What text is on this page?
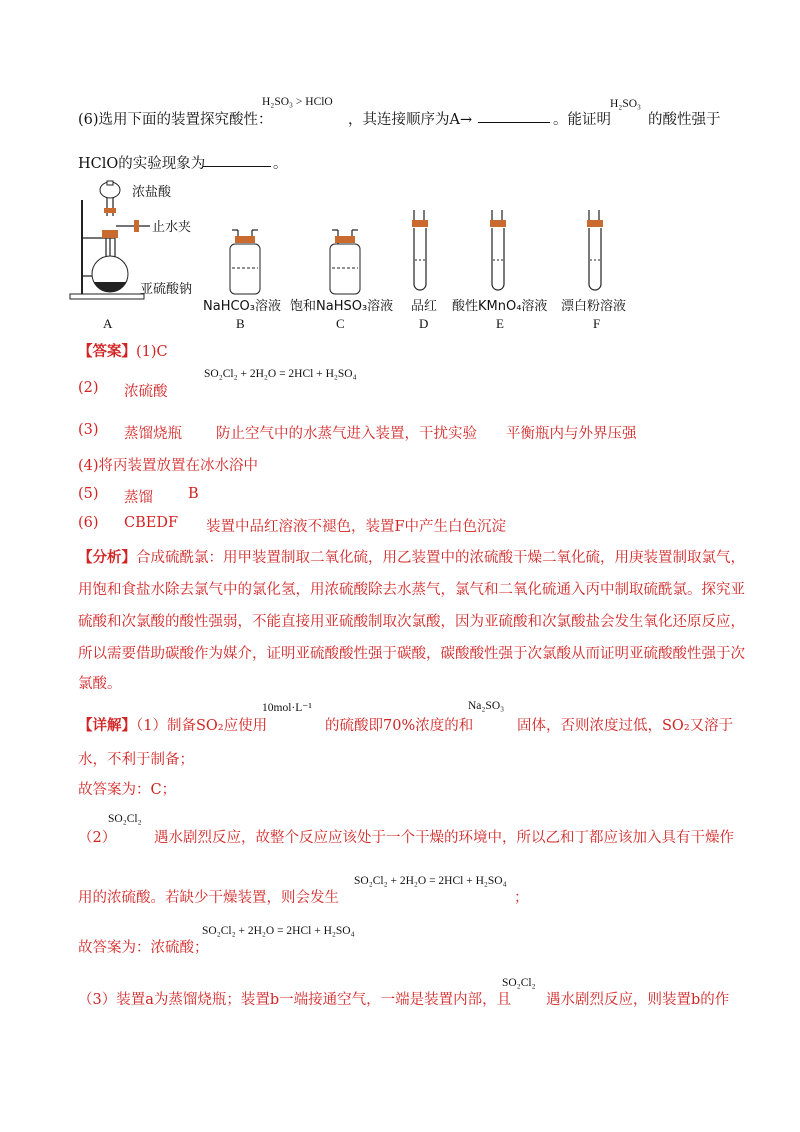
(6)选用下面的装置探究酸性：
H₂SO₃ > HClO
，其连接顺序为A→	。能证明
H₂SO₃
的酸性强于
HClO的实验现象为	。
浓盐酸
止水夹
亚硫酸钠
NaHCO₃溶液 饱和NaHSO₃溶液 品红 酸性KMnO₄溶液 漂白粉溶液
A	B	C	D	E	F
【答案】(1)C
(2) 浓硫酸
SO₂Cl₂ + 2H₂O = 2HCl + H₂SO₄
(3) 蒸馏烧瓶 防止空气中的水蒸气进入装置，干扰实验 平衡瓶内与外界压强
(4)将丙装置放置在冰水浴中
(5) 蒸馏 B
(6) CBEDF 装置中品红溶液不褪色，装置F中产生白色沉淀
【分析】合成硫酰氯：用甲装置制取二氧化硫，用乙装置中的浓硫酸干燥二氧化硫，用庚装置制取氯气，
用饱和食盐水除去氯气中的氯化氢，用浓硫酸除去水蒸气，氯气和二氧化硫通入丙中制取硫酰氯。探究亚
硫酸和次氯酸的酸性强弱，不能直接用亚硫酸制取次氯酸，因为亚硫酸和次氯酸盐会发生氧化还原反应，
所以需要借助碳酸作为媒介，证明亚硫酸酸性强于碳酸，碳酸酸性强于次氯酸从而证明亚硫酸酸性强于次
氯酸。
【详解】（1）制备SO₂应使用
10mol·L⁻¹
的硫酸即70%浓度的和
Na₂SO₃
固体，否则浓度过低，SO₂又溶于
水，不利于制备；
故答案为：C；
（2）
SO₂Cl₂
遇水剧烈反应，故整个反应应该处于一个干燥的环境中，所以乙和丁都应该加入具有干燥作
用的浓硫酸。若缺少干燥装置，则会发生
SO₂Cl₂ + 2H₂O = 2HCl + H₂SO₄
；
故答案为：浓硫酸；
SO₂Cl₂ + 2H₂O = 2HCl + H₂SO₄
（3）装置a为蒸馏烧瓶；装置b一端接通空气，一端是装置内部，且
SO₂Cl₂
遇水剧烈反应，则装置b的作
